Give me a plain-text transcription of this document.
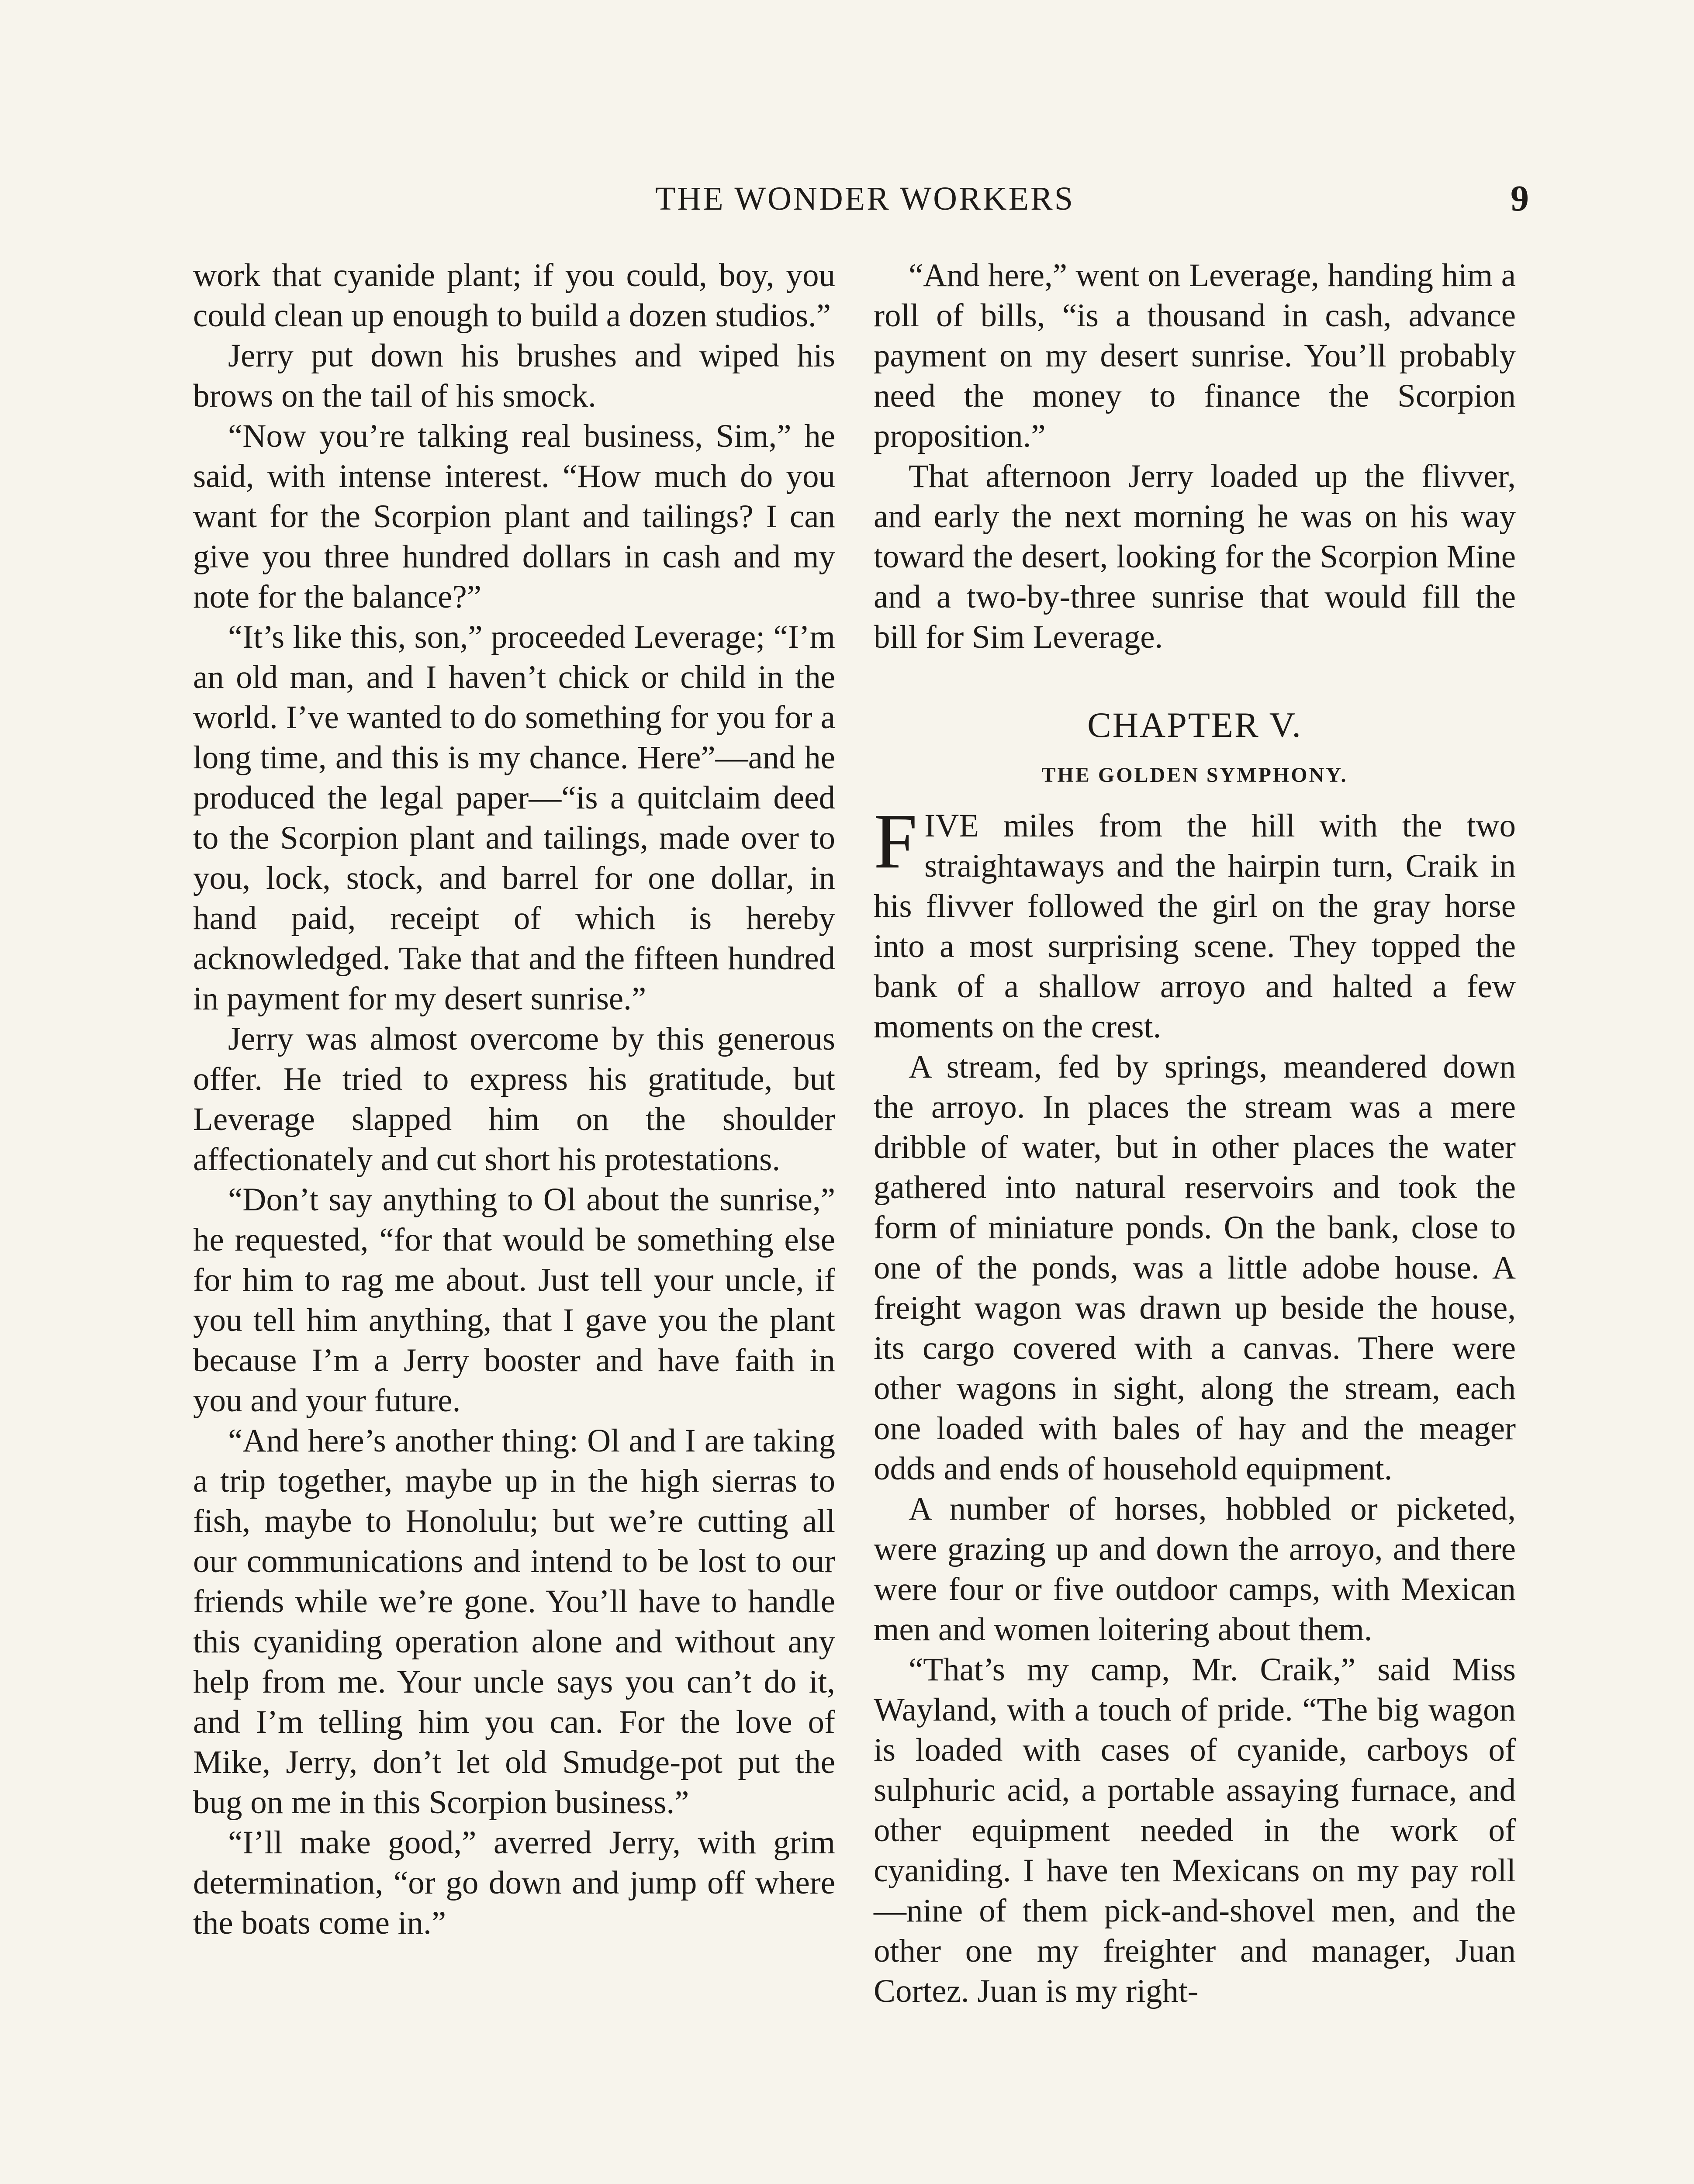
THE WONDER WORKERS	9

work that cyanide plant; if you could, boy, you could clean up enough to build a dozen studios.”

Jerry put down his brushes and wiped his brows on the tail of his smock.

“Now you’re talking real business, Sim,” he said, with intense interest. “How much do you want for the Scorpion plant and tailings? I can give you three hundred dollars in cash and my note for the balance?”

“It’s like this, son,” proceeded Leverage; “I’m an old man, and I haven’t chick or child in the world. I’ve wanted to do something for you for a long time, and this is my chance. Here”—and he produced the legal paper—“is a quitclaim deed to the Scorpion plant and tailings, made over to you, lock, stock, and barrel for one dollar, in hand paid, receipt of which is hereby acknowledged. Take that and the fifteen hundred in payment for my desert sunrise.”

Jerry was almost overcome by this generous offer. He tried to express his gratitude, but Leverage slapped him on the shoulder affectionately and cut short his protestations.

“Don’t say anything to Ol about the sunrise,” he requested, “for that would be something else for him to rag me about. Just tell your uncle, if you tell him anything, that I gave you the plant because I’m a Jerry booster and have faith in you and your future.

“And here’s another thing: Ol and I are taking a trip together, maybe up in the high sierras to fish, maybe to Honolulu; but we’re cutting all our communications and intend to be lost to our friends while we’re gone. You’ll have to handle this cyaniding operation alone and without any help from me. Your uncle says you can’t do it, and I’m telling him you can. For the love of Mike, Jerry, don’t let old Smudge-pot put the bug on me in this Scorpion business.”

“I’ll make good,” averred Jerry, with grim determination, “or go down and jump off where the boats come in.”

“And here,” went on Leverage, handing him a roll of bills, “is a thousand in cash, advance payment on my desert sunrise. You’ll probably need the money to finance the Scorpion proposition.”

That afternoon Jerry loaded up the flivver, and early the next morning he was on his way toward the desert, looking for the Scorpion Mine and a two-by-three sunrise that would fill the bill for Sim Leverage.

CHAPTER V.
THE GOLDEN SYMPHONY.

FIVE miles from the hill with the two straightaways and the hairpin turn, Craik in his flivver followed the girl on the gray horse into a most surprising scene. They topped the bank of a shallow arroyo and halted a few moments on the crest.

A stream, fed by springs, meandered down the arroyo. In places the stream was a mere dribble of water, but in other places the water gathered into natural reservoirs and took the form of miniature ponds. On the bank, close to one of the ponds, was a little adobe house. A freight wagon was drawn up beside the house, its cargo covered with a canvas. There were other wagons in sight, along the stream, each one loaded with bales of hay and the meager odds and ends of household equipment.

A number of horses, hobbled or picketed, were grazing up and down the arroyo, and there were four or five outdoor camps, with Mexican men and women loitering about them.

“That’s my camp, Mr. Craik,” said Miss Wayland, with a touch of pride. “The big wagon is loaded with cases of cyanide, carboys of sulphuric acid, a portable assaying furnace, and other equipment needed in the work of cyaniding. I have ten Mexicans on my pay roll—nine of them pick-and-shovel men, and the other one my freighter and manager, Juan Cortez. Juan is my right-
